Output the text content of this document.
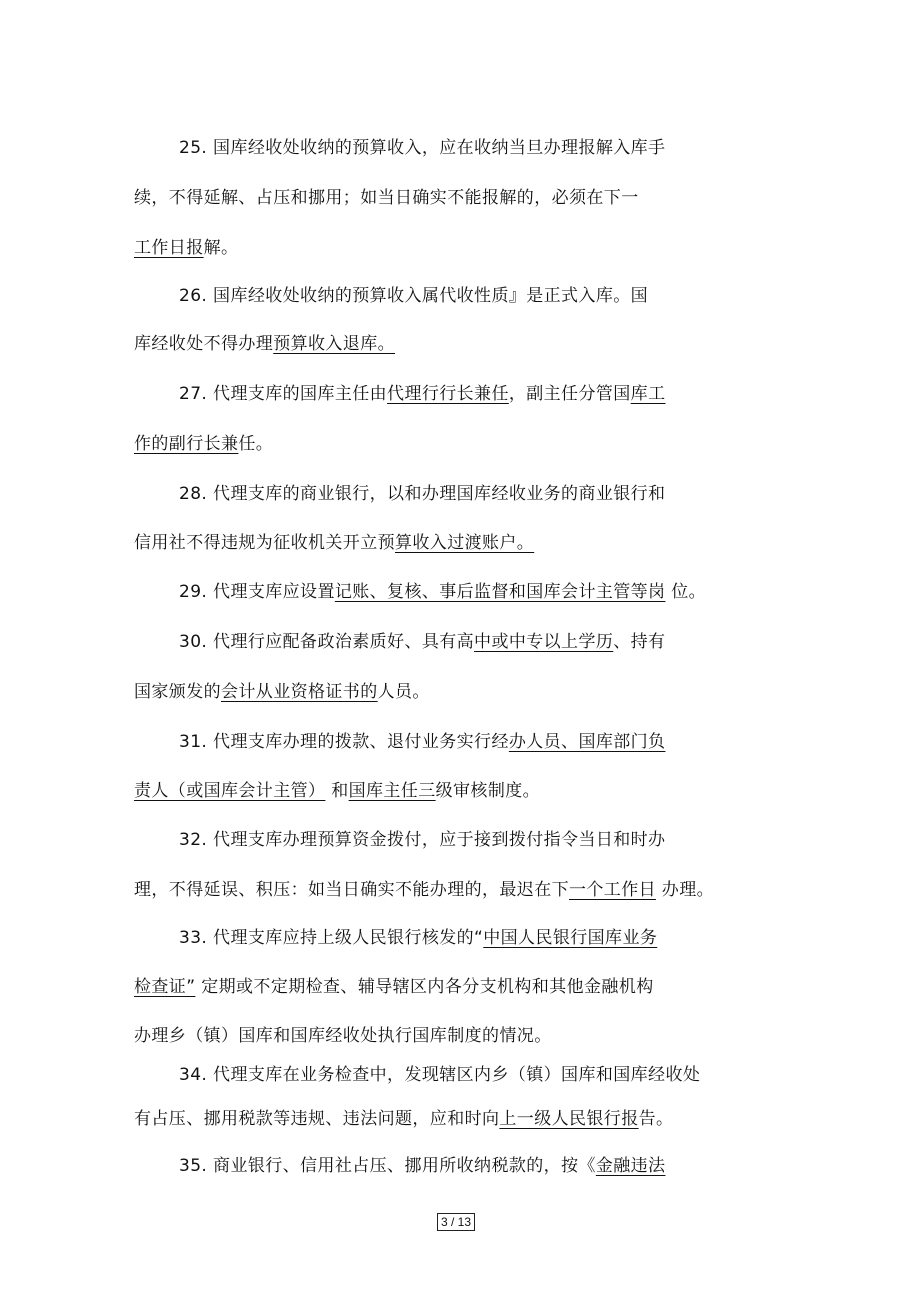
25. 国库经收处收纳的预算收入，应在收纳当旦办理报解入库手

续，不得延解、占压和挪用；如当日确实不能报解的，必须在下一

工作日报解。

26. 国库经收处收纳的预算收入属代收性质』是正式入库。国

库经收处不得办理预算收入退库。

27. 代理支库的国库主任由代理行行长兼任，副主任分管国库工

作的副行长兼任。

28. 代理支库的商业银行，以和办理国库经收业务的商业银行和

信用社不得违规为征收机关开立预算收入过渡账户。

29. 代理支库应设置记账、复核、事后监督和国库会计主管等岗 位。

30. 代理行应配备政治素质好、具有高中或中专以上学历、持有

国家颁发的会计从业资格证书的人员。

31. 代理支库办理的拨款、退付业务实行经办人员、国库部门负

责人（或国库会计主管） 和国库主任三级审核制度。

32. 代理支库办理预算资金拨付，应于接到拨付指令当日和时办

理，不得延误、积压：如当日确实不能办理的，最迟在下一个工作日 办理。

33. 代理支库应持上级人民银行核发的“中国人民银行国库业务

检查证” 定期或不定期检查、辅导辖区内各分支机构和其他金融机构

办理乡（镇）国库和国库经收处执行国库制度的情况。

34. 代理支库在业务检查中，发现辖区内乡（镇）国库和国库经收处

有占压、挪用税款等违规、违法问题，应和时向上一级人民银行报告。

35. 商业银行、信用社占压、挪用所收纳税款的，按《金融违法

3 / 13
